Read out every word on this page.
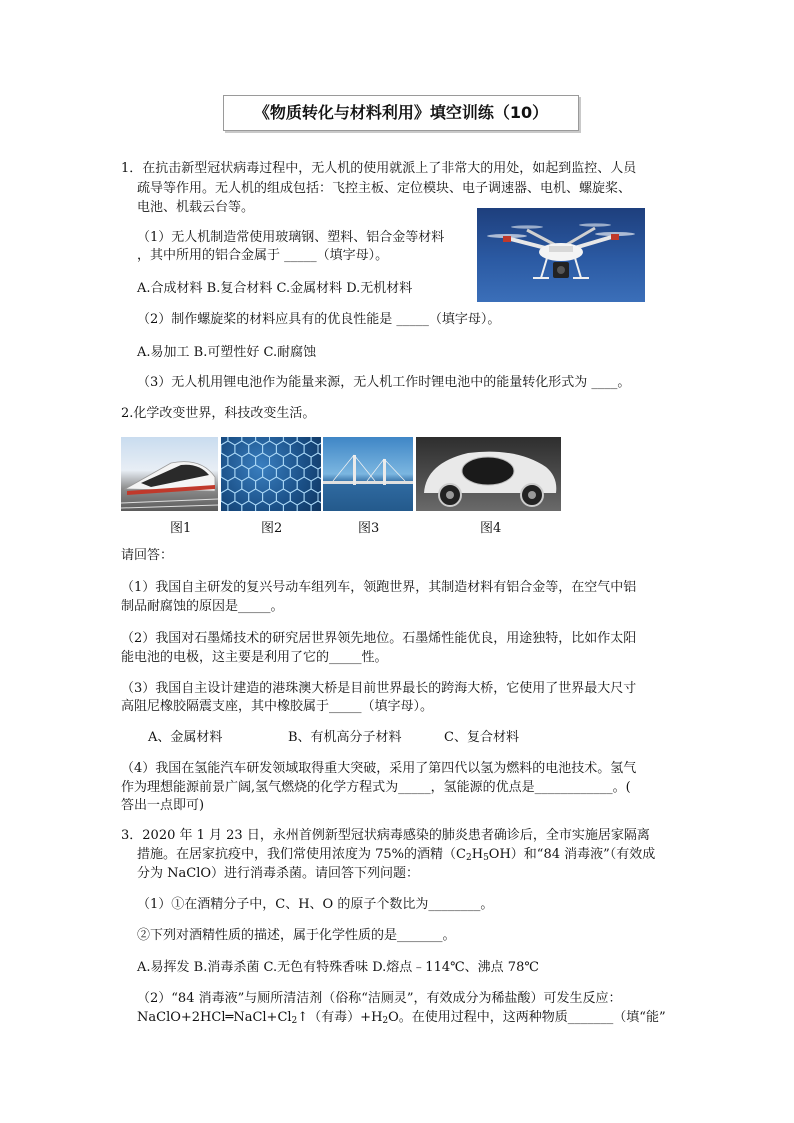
《物质转化与材料利用》填空训练（10）
1．在抗击新型冠状病毒过程中，无人机的使用就派上了非常大的用处，如起到监控、人员
疏导等作用。无人机的组成包括：飞控主板、定位模块、电子调速器、电机、螺旋桨、
电池、机载云台等。
（1）无人机制造常使用玻璃钢、塑料、铝合金等材料
，其中所用的铝合金属于 _____（填字母）。
A.合成材料 B.复合材料 C.金属材料 D.无机材料
（2）制作螺旋桨的材料应具有的优良性能是 _____（填字母）。
A.易加工 B.可塑性好 C.耐腐蚀
（3）无人机用锂电池作为能量来源，无人机工作时锂电池中的能量转化形式为 ____。
2.化学改变世界，科技改变生活。
图1	图2	图3	图4
请回答：
（1）我国自主研发的复兴号动车组列车，领跑世界，其制造材料有铝合金等，在空气中铝
制品耐腐蚀的原因是_____。
（2）我国对石墨烯技术的研究居世界领先地位。石墨烯性能优良，用途独特，比如作太阳
能电池的电极，这主要是利用了它的_____性。
（3）我国自主设计建造的港珠澳大桥是目前世界最长的跨海大桥，它使用了世界最大尺寸
高阻尼橡胶隔震支座，其中橡胶属于_____（填字母）。
A、金属材料	B、有机高分子材料	C、复合材料
（4）我国在氢能汽车研发领域取得重大突破，采用了第四代以氢为燃料的电池技术。氢气
作为理想能源前景广阔,氢气燃烧的化学方程式为_____，氢能源的优点是____________。(
答出一点即可)
3．2020 年 1 月 23 日，永州首例新型冠状病毒感染的肺炎患者确诊后，全市实施居家隔离
措施。在居家抗疫中，我们常使用浓度为 75%的酒精$(C_2H_5OH)$和“84 消毒液”（有效成
分为 NaClO）进行消毒杀菌。请回答下列问题：
（1）①在酒精分子中，C、H、O 的原子个数比为________。
②下列对酒精性质的描述，属于化学性质的是_______。
A.易挥发 B.消毒杀菌 C.无色有特殊香味 D.熔点﹣114℃、沸点 78℃
（2）“84 消毒液”与厕所清洁剂（俗称“洁厕灵”，有效成分为稀盐酸）可发生反应：
$NaClO+2HCl═NaCl+Cl_2↑$（有毒）$+H_2O$。在使用过程中，这两种物质_______（填“能”
